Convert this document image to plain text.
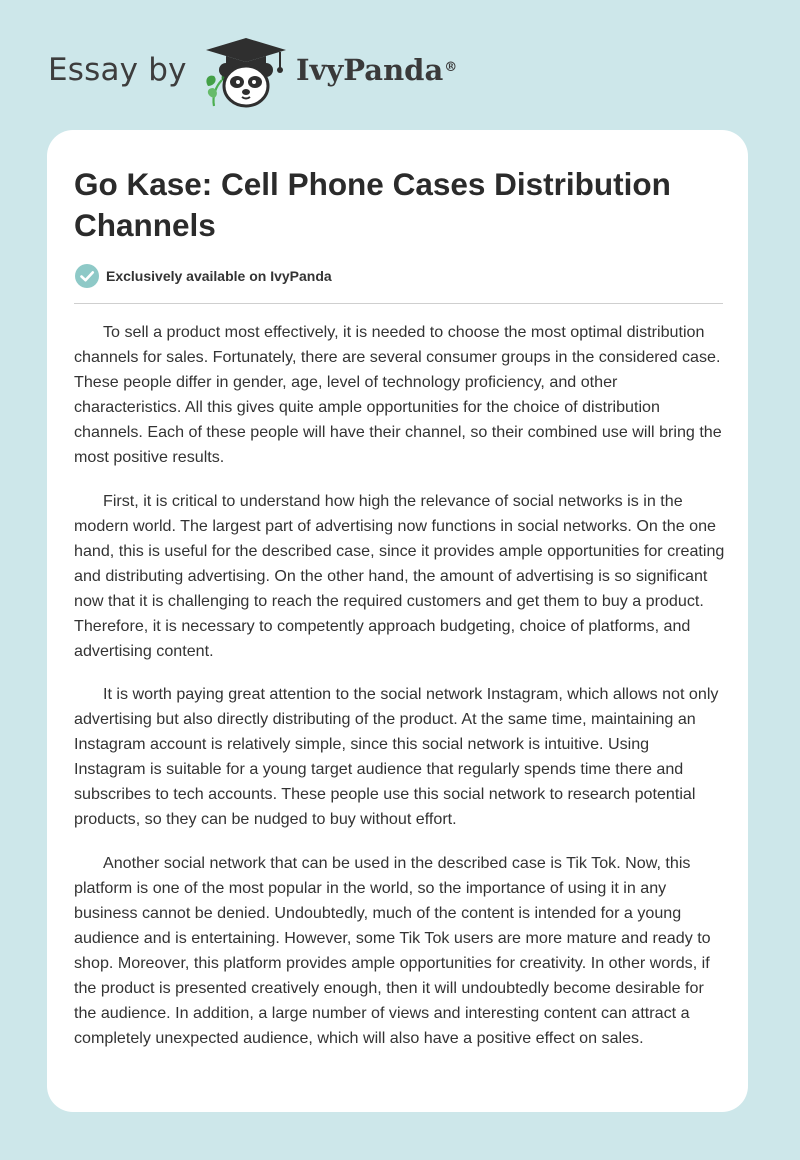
Essay by	IvyPanda®
Go Kase: Cell Phone Cases Distribution Channels
Exclusively available on IvyPanda

To sell a product most effectively, it is needed to choose the most optimal distribution channels for sales. Fortunately, there are several consumer groups in the considered case. These people differ in gender, age, level of technology proficiency, and other characteristics. All this gives quite ample opportunities for the choice of distribution channels. Each of these people will have their channel, so their combined use will bring the most positive results.

First, it is critical to understand how high the relevance of social networks is in the modern world. The largest part of advertising now functions in social networks. On the one hand, this is useful for the described case, since it provides ample opportunities for creating and distributing advertising. On the other hand, the amount of advertising is so significant now that it is challenging to reach the required customers and get them to buy a product. Therefore, it is necessary to competently approach budgeting, choice of platforms, and advertising content.

It is worth paying great attention to the social network Instagram, which allows not only advertising but also directly distributing of the product. At the same time, maintaining an Instagram account is relatively simple, since this social network is intuitive. Using Instagram is suitable for a young target audience that regularly spends time there and subscribes to tech accounts. These people use this social network to research potential products, so they can be nudged to buy without effort.

Another social network that can be used in the described case is Tik Tok. Now, this platform is one of the most popular in the world, so the importance of using it in any business cannot be denied. Undoubtedly, much of the content is intended for a young audience and is entertaining. However, some Tik Tok users are more mature and ready to shop. Moreover, this platform provides ample opportunities for creativity. In other words, if the product is presented creatively enough, then it will undoubtedly become desirable for the audience. In addition, a large number of views and interesting content can attract a completely unexpected audience, which will also have a positive effect on sales.
